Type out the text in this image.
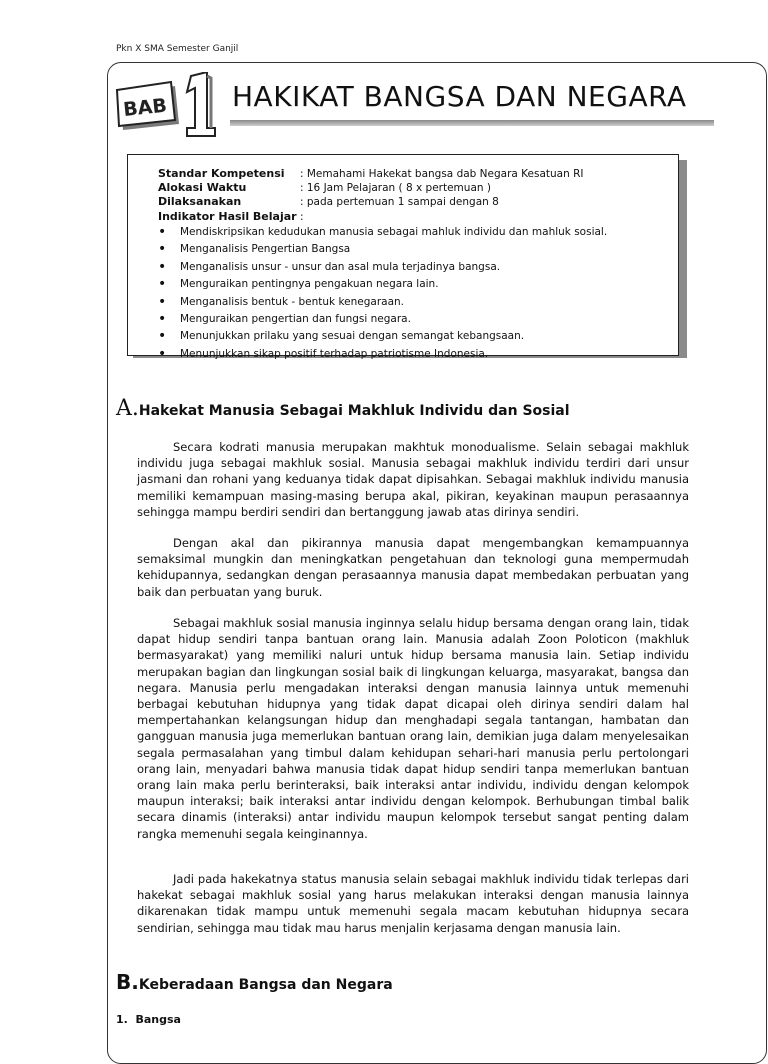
Pkn X SMA Semester Ganjil
BAB HAKIKAT BANGSA DAN NEGARA
Standar Kompetensi : Memahami Hakekat bangsa dab Negara Kesatuan RI
Alokasi Waktu	: 16 Jam Pelajaran ( 8 x pertemuan )
Dilaksanakan	: pada pertemuan 1 sampai dengan 8
Indikator Hasil Belajar :
• Mendiskripsikan kedudukan manusia sebagai mahluk individu dan mahluk sosial.
• Menganalisis Pengertian Bangsa
• Menganalisis unsur - unsur dan asal mula terjadinya bangsa.
• Menguraikan pentingnya pengakuan negara lain.
• Menganalisis bentuk - bentuk kenegaraan.
• Menguraikan pengertian dan fungsi negara.
• Menunjukkan prilaku yang sesuai dengan semangat kebangsaan.
• Menunjukkan sikap positif terhadap patriotisme Indonesia.
A.Hakekat Manusia Sebagai Makhluk Individu dan Sosial

Secara kodrati manusia merupakan makhtuk monodualisme. Selain sebagai makhluk individu juga sebagai makhluk sosial. Manusia sebagai makhluk individu terdiri dari unsur jasmani dan rohani yang keduanya tidak dapat dipisahkan. Sebagai makhluk individu manusia memiliki kemampuan masing-masing berupa akal, pikiran, keyakinan maupun perasaannya sehingga mampu berdiri sendiri dan bertanggung jawab atas dirinya sendiri.

Dengan akal dan pikirannya manusia dapat mengembangkan kemampuannya semaksimal mungkin dan meningkatkan pengetahuan dan teknologi guna mempermudah kehidupannya, sedangkan dengan perasaannya manusia dapat membedakan perbuatan yang baik dan perbuatan yang buruk.

Sebagai makhluk sosial manusia inginnya selalu hidup bersama dengan orang lain, tidak dapat hidup sendiri tanpa bantuan orang lain. Manusia adalah Zoon Poloticon (makhluk bermasyarakat) yang memiliki naluri untuk hidup bersama manusia lain. Setiap individu merupakan bagian dan lingkungan sosial baik di lingkungan keluarga, masyarakat, bangsa dan negara. Manusia perlu mengadakan interaksi dengan manusia lainnya untuk memenuhi berbagai kebutuhan hidupnya yang tidak dapat dicapai oleh dirinya sendiri dalam hal mempertahankan kelangsungan hidup dan menghadapi segala tantangan, hambatan dan gangguan manusia juga memerlukan bantuan orang lain, demikian juga dalam menyelesaikan segala permasalahan yang timbul dalam kehidupan sehari-hari manusia perlu pertolongari orang lain, menyadari bahwa manusia tidak dapat hidup sendiri tanpa memerlukan bantuan orang lain maka perlu berinteraksi, baik interaksi antar individu, individu dengan kelompok maupun interaksi; baik interaksi antar individu dengan kelompok. Berhubungan timbal balik secara dinamis (interaksi) antar individu maupun kelompok tersebut sangat penting dalam rangka memenuhi segala keinginannya.

Jadi pada hakekatnya status manusia selain sebagai makhluk individu tidak terlepas dari hakekat sebagai makhluk sosial yang harus melakukan interaksi dengan manusia lainnya dikarenakan tidak mampu untuk memenuhi segala macam kebutuhan hidupnya secara sendirian, sehingga mau tidak mau harus menjalin kerjasama dengan manusia lain.

B.Keberadaan Bangsa dan Negara
1.  Bangsa
